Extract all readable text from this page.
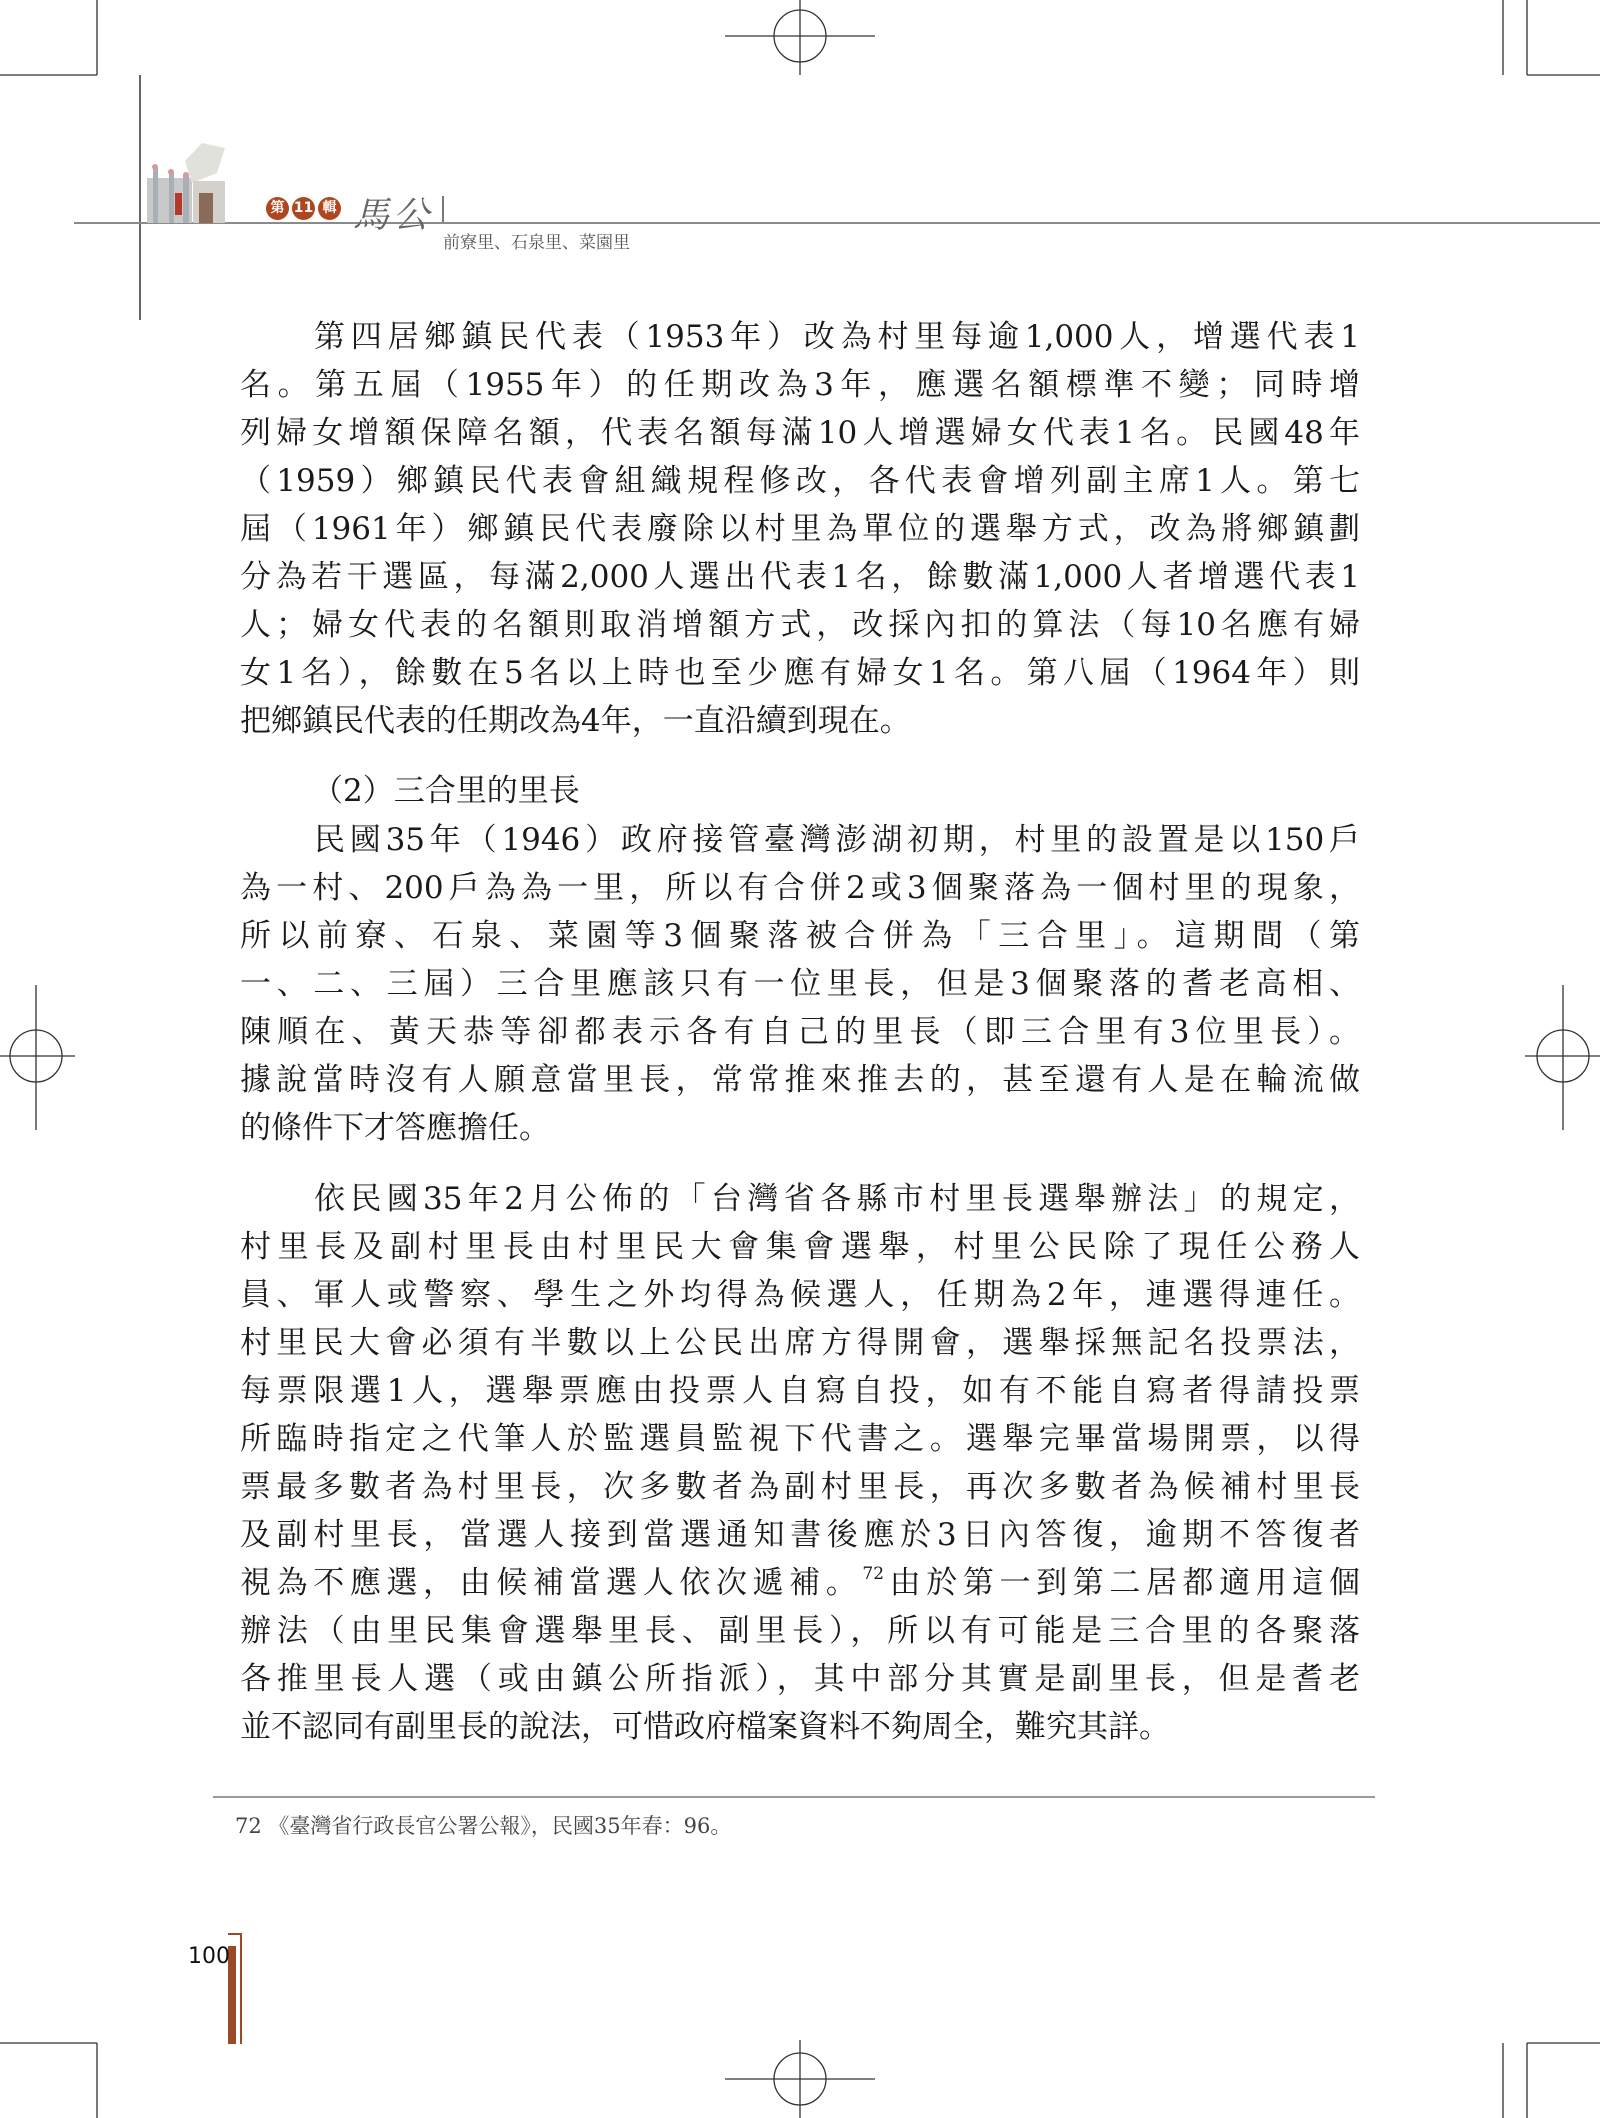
第 11 輯 馬公
前寮里、石泉里、菜園里
第四居鄉鎮民代表（1953年）改為村里每逾1,000人，增選代表1
名。第五屆（1955年）的任期改為3年，應選名額標準不變；同時增
列婦女增額保障名額，代表名額每滿10人增選婦女代表1名。民國48年
（1959）鄉鎮民代表會組織規程修改，各代表會增列副主席1人。第七
屆（1961年）鄉鎮民代表廢除以村里為單位的選舉方式，改為將鄉鎮劃
分為若干選區，每滿2,000人選出代表1名，餘數滿1,000人者增選代表1
人；婦女代表的名額則取消增額方式，改採內扣的算法（每10名應有婦
女1名），餘數在5名以上時也至少應有婦女1名。第八屆（1964年）則
把鄉鎮民代表的任期改為4年，一直沿續到現在。
（2）三合里的里長
民國35年（1946）政府接管臺灣澎湖初期，村里的設置是以150戶
為一村、200戶為為一里，所以有合併2或3個聚落為一個村里的現象，
所以前寮、石泉、菜園等3個聚落被合併為「三合里」。這期間（第
一、二、三屆）三合里應該只有一位里長，但是3個聚落的耆老高相、
陳順在、黃天恭等卻都表示各有自己的里長（即三合里有3位里長）。
據說當時沒有人願意當里長，常常推來推去的，甚至還有人是在輪流做
的條件下才答應擔任。
依民國35年2月公佈的「台灣省各縣市村里長選舉辦法」的規定，
村里長及副村里長由村里民大會集會選舉，村里公民除了現任公務人
員、軍人或警察、學生之外均得為候選人，任期為2年，連選得連任。
村里民大會必須有半數以上公民出席方得開會，選舉採無記名投票法，
每票限選1人，選舉票應由投票人自寫自投，如有不能自寫者得請投票
所臨時指定之代筆人於監選員監視下代書之。選舉完畢當場開票，以得
票最多數者為村里長，次多數者為副村里長，再次多數者為候補村里長
及副村里長，當選人接到當選通知書後應於3日內答復，逾期不答復者
視為不應選，由候補當選人依次遞補。$^{72}$由於第一到第二居都適用這個
辦法（由里民集會選舉里長、副里長），所以有可能是三合里的各聚落
各推里長人選（或由鎮公所指派），其中部分其實是副里長，但是耆老
並不認同有副里長的說法，可惜政府檔案資料不夠周全，難究其詳。
72 《臺灣省行政長官公署公報》，民國35年春：96。
100
